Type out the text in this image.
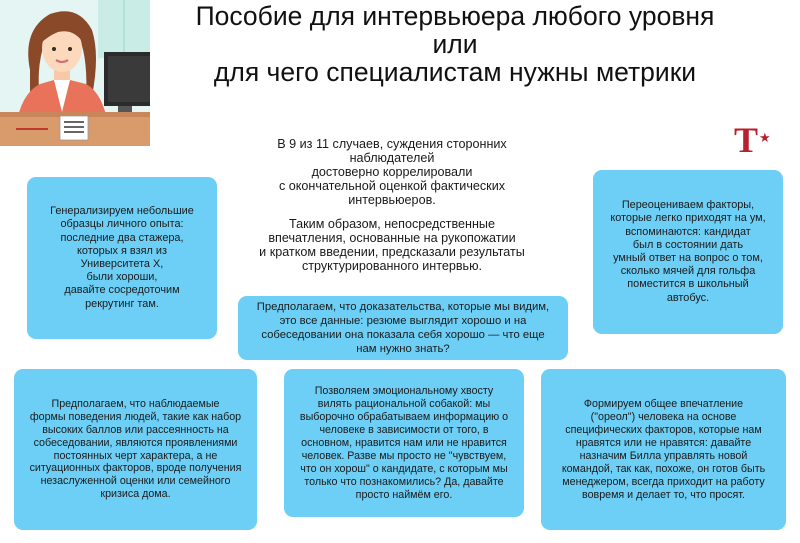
Пособие для интервьюера любого уровня
или
для чего специалистам нужны метрики
T ★

В 9 из 11 случаев, суждения сторонних
наблюдателей
достоверно коррелировали
с окончательной оценкой фактических
интервьюеров.

Таким образом, непосредственные
впечатления, основанные на рукопожатии
и кратком введении, предсказали результаты
структурированного интервью.

Генерализируем небольшие
образцы личного опыта:
последние два стажера,
которых я взял из
Университета X,
были хороши,
давайте сосредоточим
рекрутинг там.
Переоцениваем факторы,
которые легко приходят на ум,
вспоминаются: кандидат
был в состоянии дать
умный ответ на вопрос о том,
сколько мячей для гольфа
поместится в школьный
автобус.
Предполагаем, что доказательства, которые мы видим,
это все данные: резюме выглядит хорошо и на
собеседовании она показала себя хорошо — что еще
нам нужно знать?
Предполагаем, что наблюдаемые
формы поведения людей, такие как набор
высоких баллов или рассеянность на
собеседовании, являются проявлениями
постоянных черт характера, а не
ситуационных факторов, вроде получения
незаслуженной оценки или семейного
кризиса дома.
Позволяем эмоциональному хвосту
вилять рациональной собакой: мы
выборочно обрабатываем информацию о
человеке в зависимости от того, в
основном, нравится нам или не нравится
человек. Разве мы просто не "чувствуем,
что он хорош" о кандидате, с которым мы
только что познакомились? Да, давайте
просто наймём его.
Формируем общее впечатление
("ореол") человека на основе
специфических факторов, которые нам
нравятся или не нравятся: давайте
назначим Билла управлять новой
командой, так как, похоже, он готов быть
менеджером, всегда приходит на работу
вовремя и делает то, что просят.
